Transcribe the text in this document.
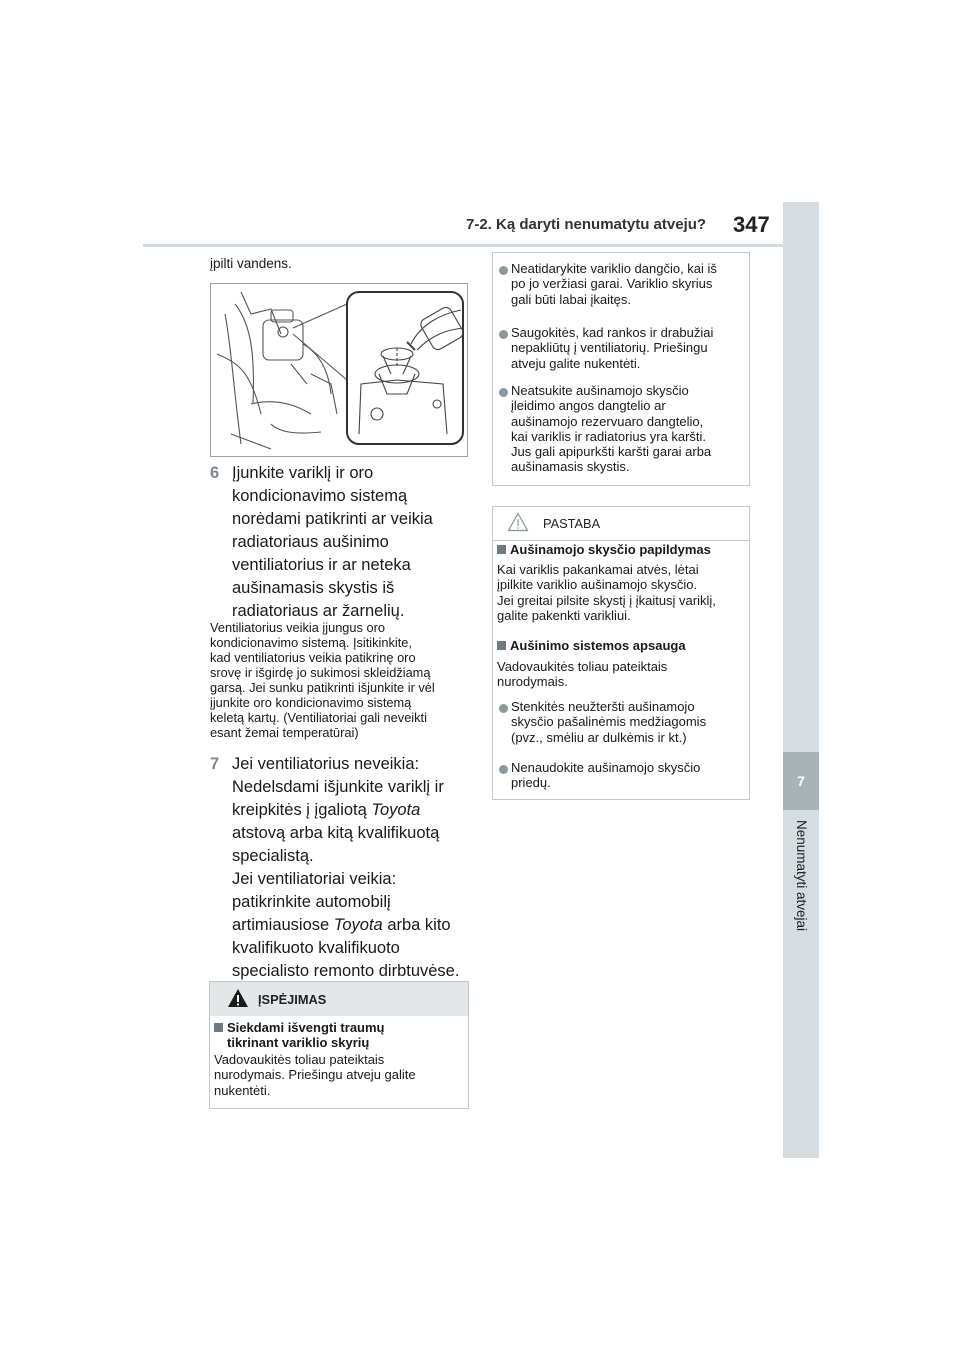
7-2. Ką daryti nenumatytu atveju? 347
7
Nenumatyti atvejai
įpilti vandens.
6 Įjunkite variklį ir oro
kondicionavimo sistemą
norėdami patikrinti ar veikia
radiatoriaus aušinimo
ventiliatorius ir ar neteka
aušinamasis skystis iš
radiatoriaus ar žarnelių.
Ventiliatorius veikia įjungus oro
kondicionavimo sistemą. Įsitikinkite,
kad ventiliatorius veikia patikrinę oro
srovę ir išgirdę jo sukimosi skleidžiamą
garsą. Jei sunku patikrinti išjunkite ir vėl
įjunkite oro kondicionavimo sistemą
keletą kartų. (Ventiliatoriai gali neveikti
esant žemai temperatūrai)
7 Jei ventiliatorius neveikia:
Nedelsdami išjunkite variklį ir
kreipkitės į įgaliotą Toyota
atstovą arba kitą kvalifikuotą
specialistą.
Jei ventiliatoriai veikia:
patikrinkite automobilį
artimiausiose Toyota arba kito
kvalifikuoto kvalifikuoto
specialisto remonto dirbtuvėse.
ĮSPĖJIMAS
Siekdami išvengti traumų
tikrinant variklio skyrių
Vadovaukitės toliau pateiktais
nurodymais. Priešingu atveju galite
nukentėti.
Neatidarykite variklio dangčio, kai iš
po jo veržiasi garai. Variklio skyrius
gali būti labai įkaitęs.
Saugokitės, kad rankos ir drabužiai
nepakliūtų į ventiliatorių. Priešingu
atveju galite nukentėti.
Neatsukite aušinamojo skysčio
įleidimo angos dangtelio ar
aušinamojo rezervuaro dangtelio,
kai variklis ir radiatorius yra karšti.
Jus gali apipurkšti karšti garai arba
aušinamasis skystis.
PASTABA
Aušinamojo skysčio papildymas
Kai variklis pakankamai atvės, lėtai
įpilkite variklio aušinamojo skysčio.
Jei greitai pilsite skystį į įkaitusį variklį,
galite pakenkti varikliui.
Aušinimo sistemos apsauga
Vadovaukitės toliau pateiktais
nurodymais.
Stenkitės neužteršti aušinamojo
skysčio pašalinėmis medžiagomis
(pvz., smėliu ar dulkėmis ir kt.)
Nenaudokite aušinamojo skysčio
priedų.
